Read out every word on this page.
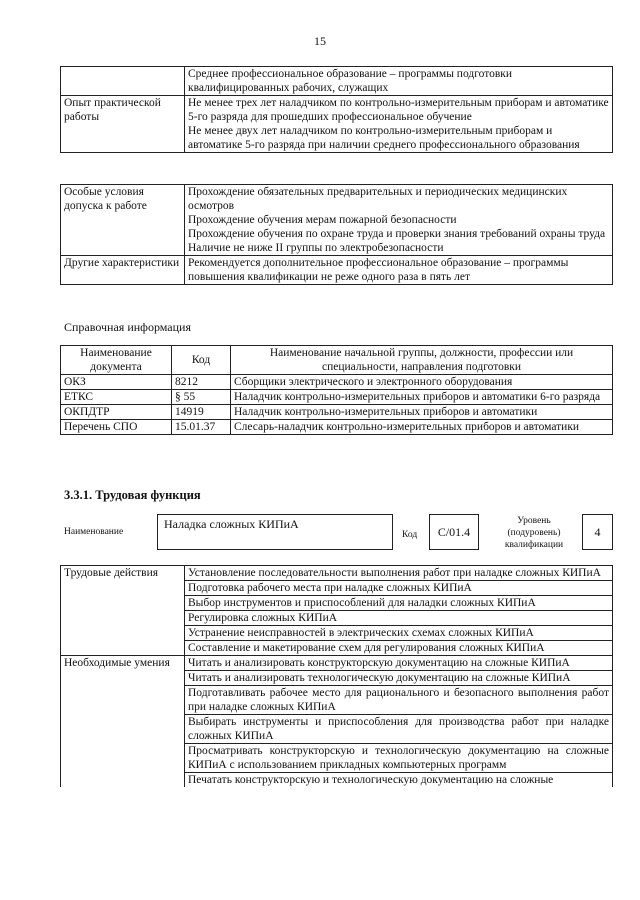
15

	Среднее профессиональное образование – программы подготовки квалифицированных рабочих, служащих

Опыт практической работы	Не менее трех лет наладчиком по контрольно-измерительным приборам и автоматике 5-го разряда для прошедших профессиональное обучение
Не менее двух лет наладчиком по контрольно-измерительным приборам и автоматике 5-го разряда при наличии среднего профессионального образования
Особые условия допуска к работе	Прохождение обязательных предварительных и периодических медицинских осмотров
Прохождение обучения мерам пожарной безопасности
Прохождение обучения по охране труда и проверки знания требований охраны труда
Наличие не ниже II группы по электробезопасности

Другие характеристики	Рекомендуется дополнительное профессиональное образование – программы повышения квалификации не реже одного раза в пять лет
Справочная информация
Наименование документа	Код	Наименование начальной группы, должности, профессии или специальности, направления подготовки
ОКЗ	8212	Сборщики электрического и электронного оборудования
ЕТКС	§ 55	Наладчик контрольно-измерительных приборов и автоматики 6-го разряда
ОКПДТР	14919	Наладчик контрольно-измерительных приборов и автоматики
Перечень СПО	15.01.37	Слесарь-наладчик контрольно-измерительных приборов и автоматики
3.3.1. Трудовая функция
Наименование
Наладка сложных КИПиА
Код C/01.4
Уровень (подуровень) квалификации
4
Трудовые действия	Установление последовательности выполнения работ при наладке сложных КИПиА
	Подготовка рабочего места при наладке сложных КИПиА
	Выбор инструментов и приспособлений для наладки сложных КИПиА
	Регулировка сложных КИПиА
	Устранение неисправностей в электрических схемах сложных КИПиА
	Составление и макетирование схем для регулирования сложных КИПиА
Необходимые умения	Читать и анализировать конструкторскую документацию на сложные КИПиА
	Читать и анализировать технологическую документацию на сложные КИПиА
	Подготавливать рабочее место для рационального и безопасного выполнения работ при наладке сложных КИПиА
	Выбирать инструменты и приспособления для производства работ при наладке сложных КИПиА
	Просматривать конструкторскую и технологическую документацию на сложные КИПиА с использованием прикладных компьютерных программ
	Печатать конструкторскую и технологическую документацию на сложные
